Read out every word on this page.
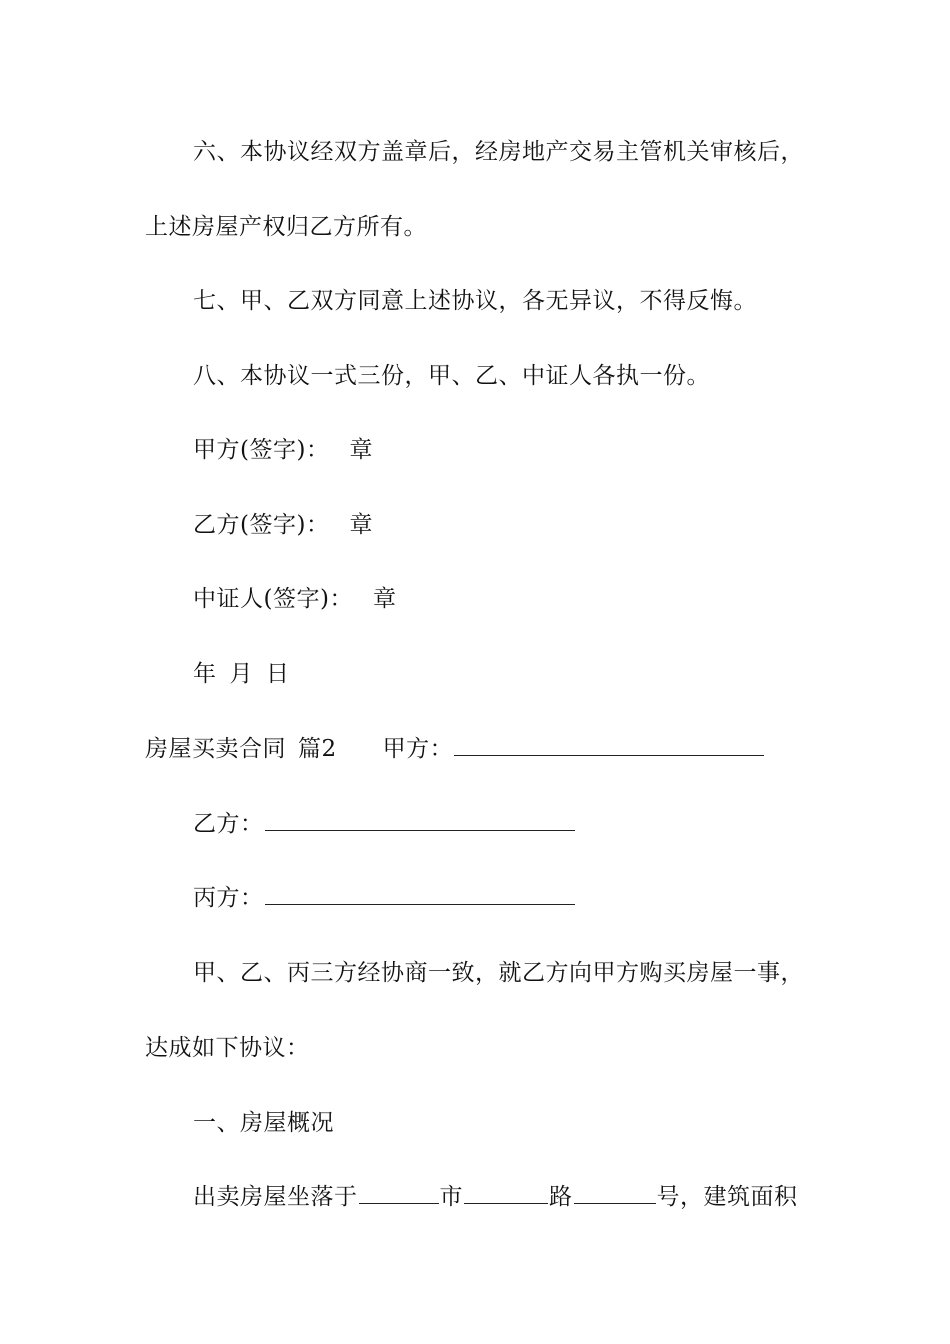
六、本协议经双方盖章后，经房地产交易主管机关审核后，
上述房屋产权归乙方所有。
七、甲、乙双方同意上述协议，各无异议，不得反悔。
八、本协议一式三份，甲、乙、中证人各执一份。
甲方(签字)： 章
乙方(签字)： 章
中证人(签字)： 章
年 月 日
房屋买卖合同 篇2 甲方：
乙方：
丙方：
甲、乙、丙三方经协商一致，就乙方向甲方购买房屋一事，
达成如下协议：
一、房屋概况
出卖房屋坐落于	市	路	号，建筑面积
